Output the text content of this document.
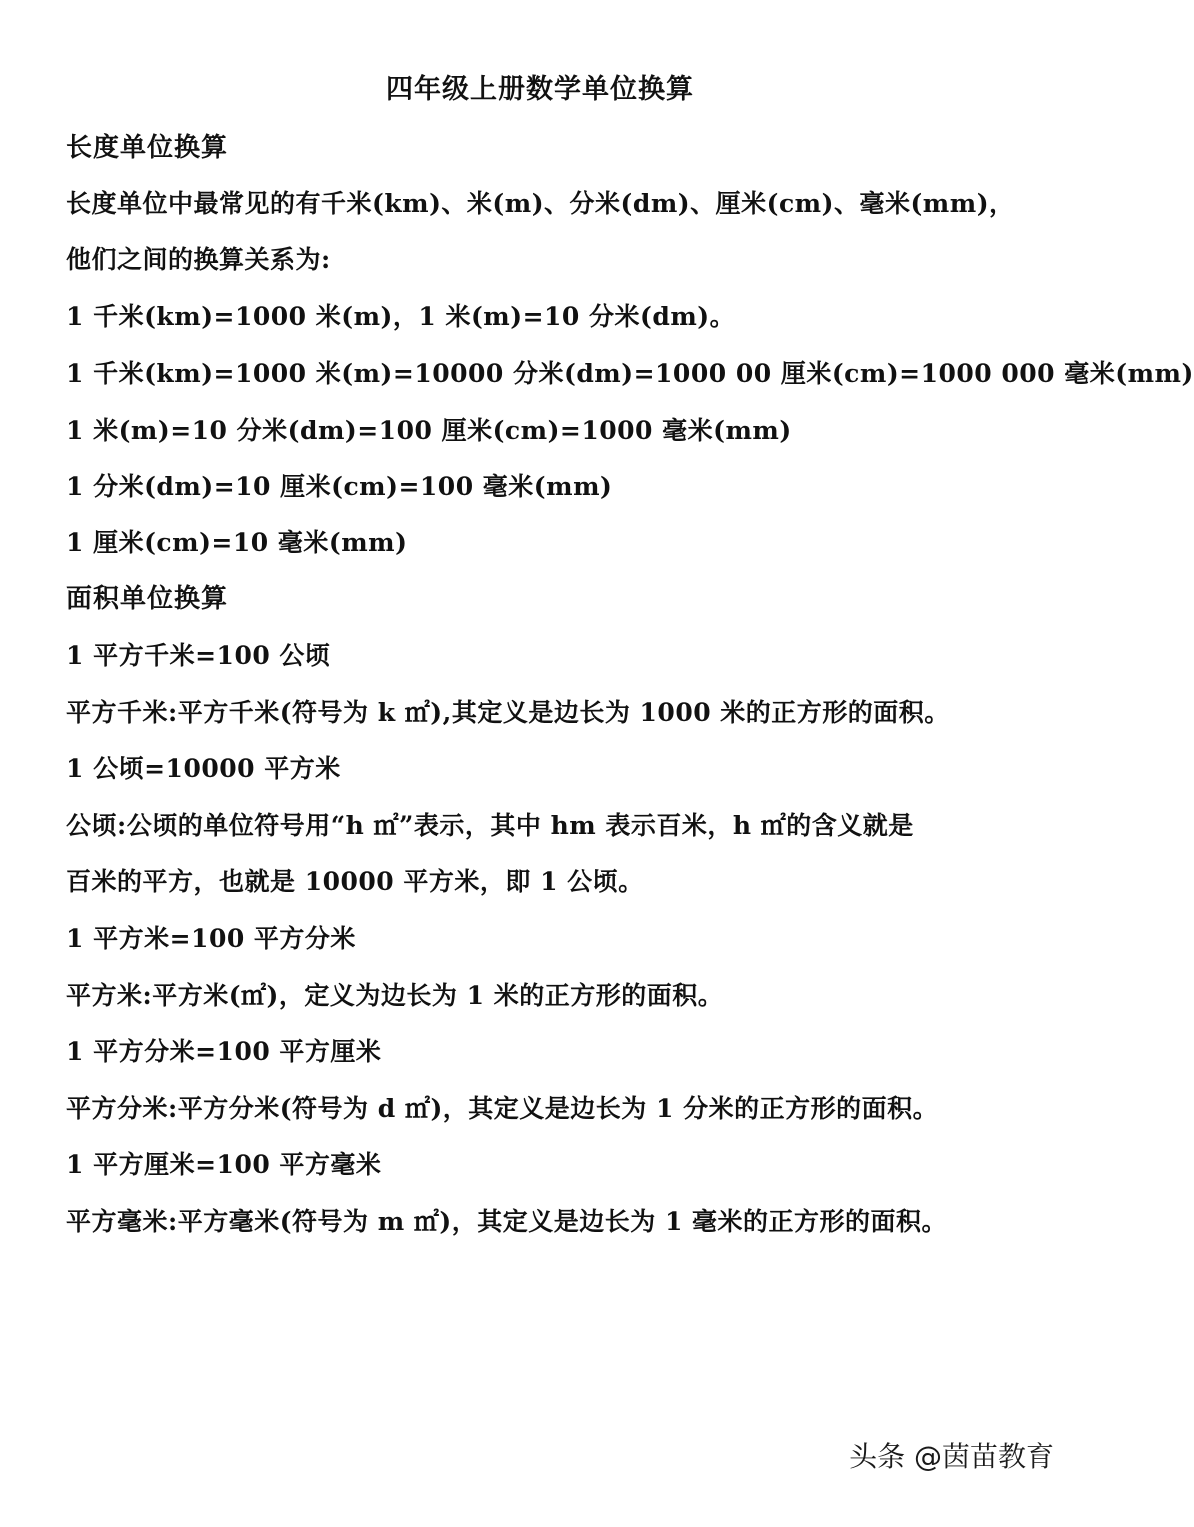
四年级上册数学单位换算
长度单位换算
长度单位中最常见的有千米(km)、米(m)、分米(dm)、厘米(cm)、毫米(mm)，
他们之间的换算关系为:
1 千米(km)=1000 米(m)，1 米(m)=10 分米(dm)。
1 千米(km)=1000 米(m)=10000 分米(dm)=1000 00 厘米(cm)=1000 000 毫米(mm)
1 米(m)=10 分米(dm)=100 厘米(cm)=1000 毫米(mm)
1 分米(dm)=10 厘米(cm)=100 毫米(mm)
1 厘米(cm)=10 毫米(mm)
面积单位换算
1 平方千米=100 公顷
平方千米:平方千米(符号为 k ㎡),其定义是边长为 1000 米的正方形的面积。
1 公顷=10000 平方米
公顷:公顷的单位符号用“h ㎡”表示，其中 hm 表示百米，h ㎡的含义就是
百米的平方，也就是 10000 平方米，即 1 公顷。
1 平方米=100 平方分米
平方米:平方米(㎡)，定义为边长为 1 米的正方形的面积。
1 平方分米=100 平方厘米
平方分米:平方分米(符号为 d ㎡)，其定义是边长为 1 分米的正方形的面积。
1 平方厘米=100 平方毫米
平方毫米:平方毫米(符号为 m ㎡)，其定义是边长为 1 毫米的正方形的面积。
头条 @茵苗教育
